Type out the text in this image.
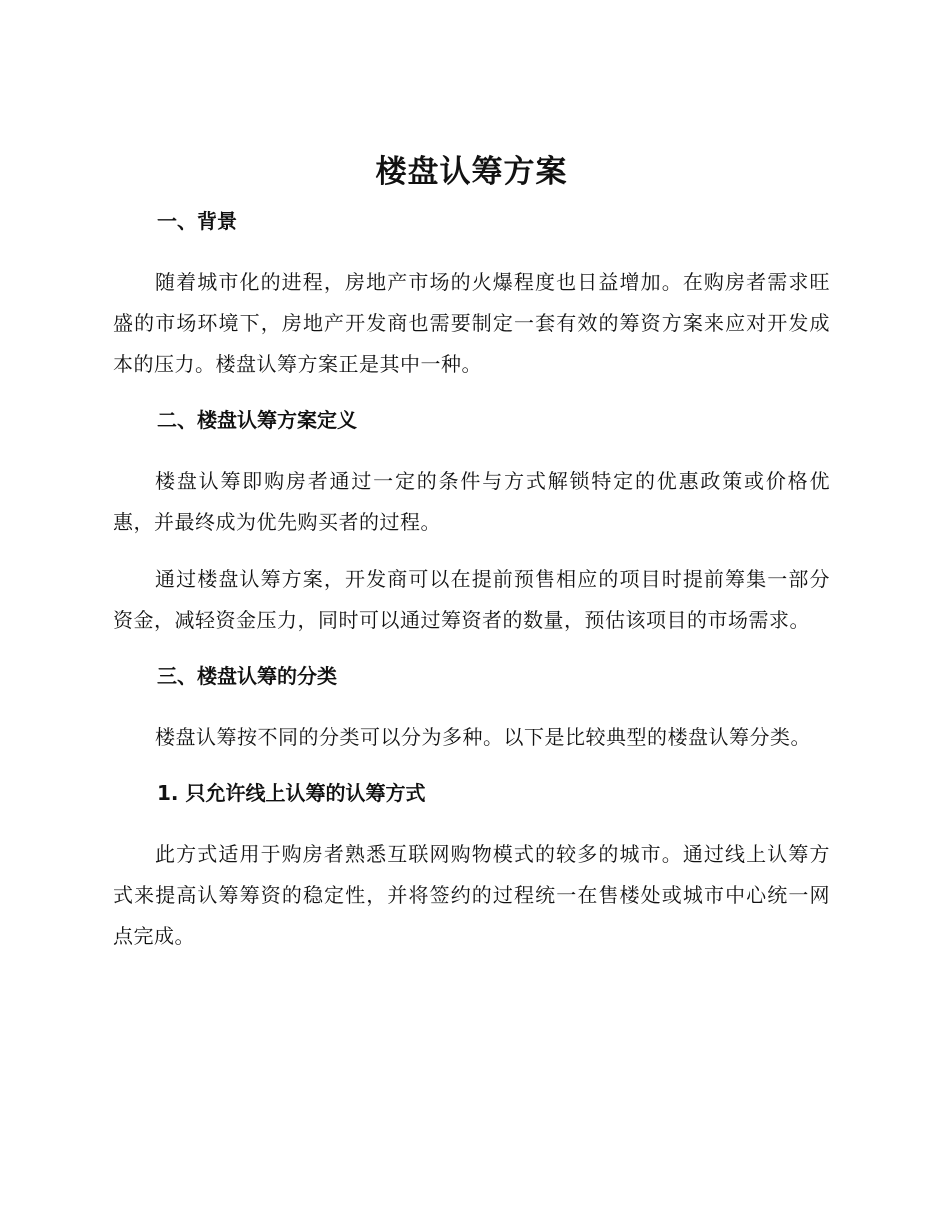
楼盘认筹方案
一、背景

随着城市化的进程，房地产市场的火爆程度也日益增加。在购房者需求旺盛的市场环境下，房地产开发商也需要制定一套有效的筹资方案来应对开发成本的压力。楼盘认筹方案正是其中一种。

二、楼盘认筹方案定义

楼盘认筹即购房者通过一定的条件与方式解锁特定的优惠政策或价格优惠，并最终成为优先购买者的过程。

通过楼盘认筹方案，开发商可以在提前预售相应的项目时提前筹集一部分资金，减轻资金压力，同时可以通过筹资者的数量，预估该项目的市场需求。

三、楼盘认筹的分类

楼盘认筹按不同的分类可以分为多种。以下是比较典型的楼盘认筹分类。

1. 只允许线上认筹的认筹方式

此方式适用于购房者熟悉互联网购物模式的较多的城市。通过线上认筹方式来提高认筹筹资的稳定性，并将签约的过程统一在售楼处或城市中心统一网点完成。
